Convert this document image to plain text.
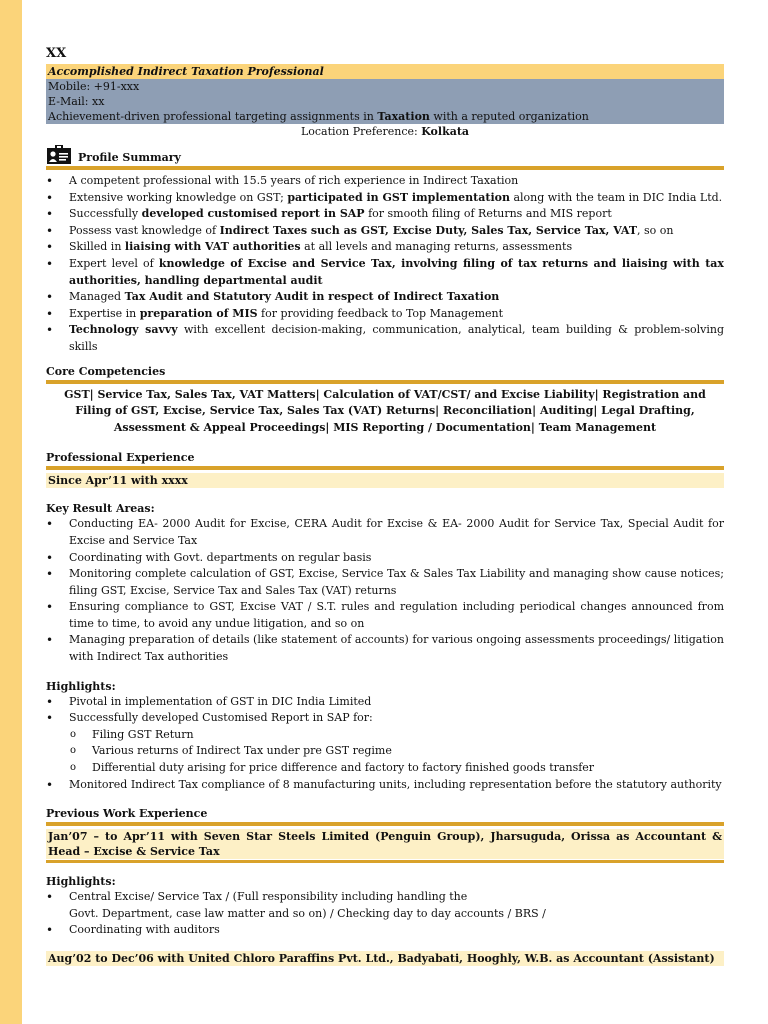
XX
Accomplished Indirect Taxation Professional
Mobile: +91-xxx
E-Mail: xx
Achievement-driven professional targeting assignments in Taxation with a reputed organization
Location Preference: Kolkata
Profile Summary
• A competent professional with 15.5 years of rich experience in Indirect Taxation
• Extensive working knowledge on GST; participated in GST implementation along with the team in DIC India Ltd.
• Successfully developed customised report in SAP for smooth filing of Returns and MIS report
• Possess vast knowledge of Indirect Taxes such as GST, Excise Duty, Sales Tax, Service Tax, VAT, so on
• Skilled in liaising with VAT authorities at all levels and managing returns, assessments
• Expert level of knowledge of Excise and Service Tax, involving filing of tax returns and liaising with tax authorities, handling departmental audit
• Managed Tax Audit and Statutory Audit in respect of Indirect Taxation
• Expertise in preparation of MIS for providing feedback to Top Management
• Technology savvy with excellent decision-making, communication, analytical, team building & problem-solving skills
Core Competencies
GST| Service Tax, Sales Tax, VAT Matters| Calculation of VAT/CST/ and Excise Liability| Registration and Filing of GST, Excise, Service Tax, Sales Tax (VAT) Returns| Reconciliation| Auditing| Legal Drafting, Assessment & Appeal Proceedings| MIS Reporting / Documentation| Team Management
Professional Experience
Since Apr’11 with xxxx
Key Result Areas:
• Conducting EA- 2000 Audit for Excise, CERA Audit for Excise & EA- 2000 Audit for Service Tax, Special Audit for Excise and Service Tax
• Coordinating with Govt. departments on regular basis
• Monitoring complete calculation of GST, Excise, Service Tax & Sales Tax Liability and managing show cause notices; filing GST, Excise, Service Tax and Sales Tax (VAT) returns
• Ensuring compliance to GST, Excise VAT / S.T. rules and regulation including periodical changes announced from time to time, to avoid any undue litigation, and so on
• Managing preparation of details (like statement of accounts) for various ongoing assessments proceedings/ litigation with Indirect Tax authorities
Highlights:
• Pivotal in implementation of GST in DIC India Limited
• Successfully developed Customised Report in SAP for:
o Filing GST Return
o Various returns of Indirect Tax under pre GST regime
o Differential duty arising for price difference and factory to factory finished goods transfer
• Monitored Indirect Tax compliance of 8 manufacturing units, including representation before the statutory authority
Previous Work Experience
Jan’07 – to Apr’11 with Seven Star Steels Limited (Penguin Group), Jharsuguda, Orissa as Accountant & Head – Excise & Service Tax
Highlights:
• Central Excise/ Service Tax / (Full responsibility including handling the
Govt. Department, case law matter and so on) / Checking day to day accounts / BRS /
• Coordinating with auditors
Aug’02 to Dec’06 with United Chloro Paraffins Pvt. Ltd., Badyabati, Hooghly, W.B. as Accountant (Assistant)
